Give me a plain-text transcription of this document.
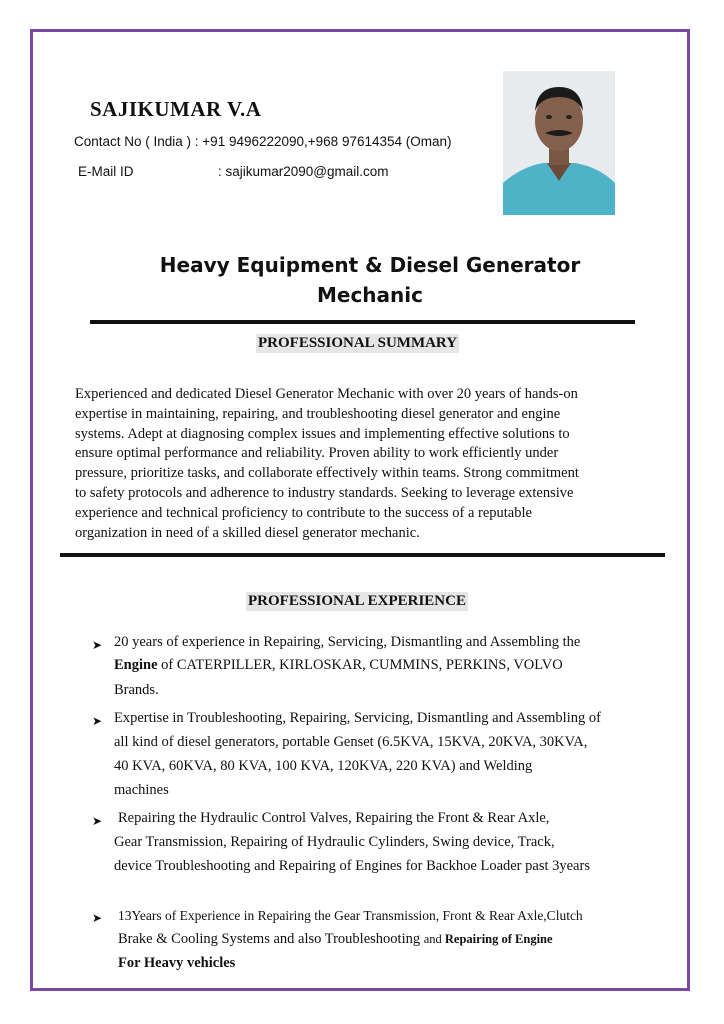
SAJIKUMAR V.A
Contact No ( India ) : +91 9496222090,+968 97614354 (Oman)
E-Mail ID	: sajikumar2090@gmail.com
Heavy Equipment & Diesel Generator
Mechanic
PROFESSIONAL SUMMARY
Experienced and dedicated Diesel Generator Mechanic with over 20 years of hands-on
expertise in maintaining, repairing, and troubleshooting diesel generator and engine
systems. Adept at diagnosing complex issues and implementing effective solutions to
ensure optimal performance and reliability. Proven ability to work efficiently under
pressure, prioritize tasks, and collaborate effectively within teams. Strong commitment
to safety protocols and adherence to industry standards. Seeking to leverage extensive
experience and technical proficiency to contribute to the success of a reputable
organization in need of a skilled diesel generator mechanic.
PROFESSIONAL EXPERIENCE
➤ 20 years of experience in Repairing, Servicing, Dismantling and Assembling the
Engine of CATERPILLER, KIRLOSKAR, CUMMINS, PERKINS, VOLVO
Brands.
➤ Expertise in Troubleshooting, Repairing, Servicing, Dismantling and Assembling of
all kind of diesel generators, portable Genset (6.5KVA, 15KVA, 20KVA, 30KVA,
40 KVA, 60KVA, 80 KVA, 100 KVA, 120KVA, 220 KVA) and Welding
machines
➤ Repairing the Hydraulic Control Valves, Repairing the Front & Rear Axle,
Gear Transmission, Repairing of Hydraulic Cylinders, Swing device, Track,
device Troubleshooting and Repairing of Engines for Backhoe Loader past 3years
➤ 13Years of Experience in Repairing the Gear Transmission, Front & Rear Axle,Clutch
Brake & Cooling Systems and also Troubleshooting and Repairing of Engine
For Heavy vehicles
